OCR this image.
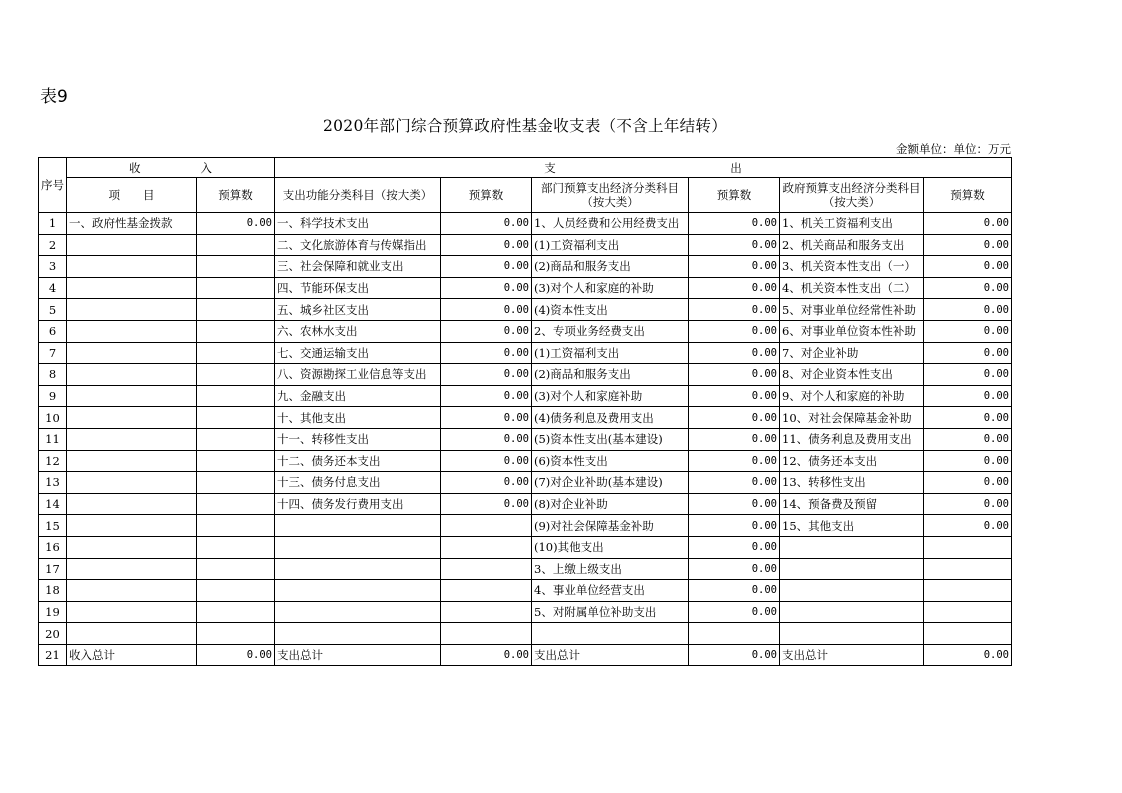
表9
2020年部门综合预算政府性基金收支表（不含上年结转）
金额单位：单位：万元
序号	收 入		支 出					

	项　　目	预算数	支出功能分类科目（按大类）	预算数	部门预算支出经济分类科目（按大类）	预算数	政府预算支出经济分类科目（按大类）	预算数
1	一、政府性基金拨款	0.00	一、科学技术支出	0.00	1、人员经费和公用经费支出	0.00	1、机关工资福利支出	0.00
2			二、文化旅游体育与传媒指出	0.00	(1)工资福利支出	0.00	2、机关商品和服务支出	0.00
3			三、社会保障和就业支出	0.00	(2)商品和服务支出	0.00	3、机关资本性支出（一）	0.00
4			四、节能环保支出	0.00	(3)对个人和家庭的补助	0.00	4、机关资本性支出（二）	0.00
5			五、城乡社区支出	0.00	(4)资本性支出	0.00	5、对事业单位经常性补助	0.00
6			六、农林水支出	0.00	2、专项业务经费支出	0.00	6、对事业单位资本性补助	0.00
7			七、交通运输支出	0.00	(1)工资福利支出	0.00	7、对企业补助	0.00
8			八、资源勘探工业信息等支出	0.00	(2)商品和服务支出	0.00	8、对企业资本性支出	0.00
9			九、金融支出	0.00	(3)对个人和家庭补助	0.00	9、对个人和家庭的补助	0.00
10			十、其他支出	0.00	(4)债务利息及费用支出	0.00	10、对社会保障基金补助	0.00
11			十一、转移性支出	0.00	(5)资本性支出(基本建设)	0.00	11、债务利息及费用支出	0.00
12			十二、债务还本支出	0.00	(6)资本性支出	0.00	12、债务还本支出	0.00
13			十三、债务付息支出	0.00	(7)对企业补助(基本建设)	0.00	13、转移性支出	0.00
14			十四、债务发行费用支出	0.00	(8)对企业补助	0.00	14、预备费及预留	0.00
15					(9)对社会保障基金补助	0.00	15、其他支出	0.00
16					(10)其他支出	0.00		
17					3、上缴上级支出	0.00		
18					4、事业单位经营支出	0.00		
19					5、对附属单位补助支出	0.00		
20								
21	收入总计	0.00	支出总计	0.00	支出总计	0.00	支出总计	0.00
